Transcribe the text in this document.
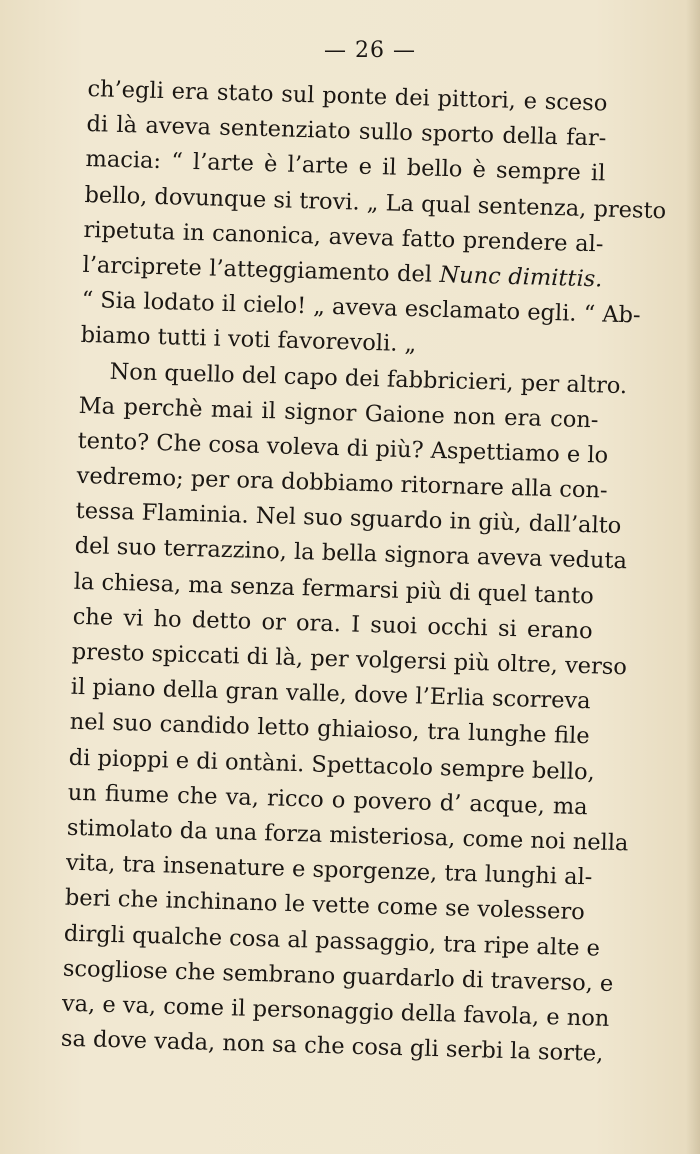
— 26 —
ch’egli era stato sul ponte dei pittori, e sceso
di là aveva sentenziato sullo sporto della far-
macia: “ l’arte è l’arte e il bello è sempre il
bello, dovunque si trovi. „ La qual sentenza, presto
ripetuta in canonica, aveva fatto prendere al-
l’arciprete l’atteggiamento del Nunc dimittis.
“ Sia lodato il cielo! „ aveva esclamato egli. “ Ab-
biamo tutti i voti favorevoli. „
Non quello del capo dei fabbricieri, per altro.
Ma perchè mai il signor Gaione non era con-
tento? Che cosa voleva di più? Aspettiamo e lo
vedremo; per ora dobbiamo ritornare alla con-
tessa Flaminia. Nel suo sguardo in giù, dall’alto
del suo terrazzino, la bella signora aveva veduta
la chiesa, ma senza fermarsi più di quel tanto
che vi ho detto or ora. I suoi occhi si erano
presto spiccati di là, per volgersi più oltre, verso
il piano della gran valle, dove l’Erlia scorreva
nel suo candido letto ghiaioso, tra lunghe file
di pioppi e di ontàni. Spettacolo sempre bello,
un fiume che va, ricco o povero d’ acque, ma
stimolato da una forza misteriosa, come noi nella
vita, tra insenature e sporgenze, tra lunghi al-
beri che inchinano le vette come se volessero
dirgli qualche cosa al passaggio, tra ripe alte e
scogliose che sembrano guardarlo di traverso, e
va, e va, come il personaggio della favola, e non
sa dove vada, non sa che cosa gli serbi la sorte,
